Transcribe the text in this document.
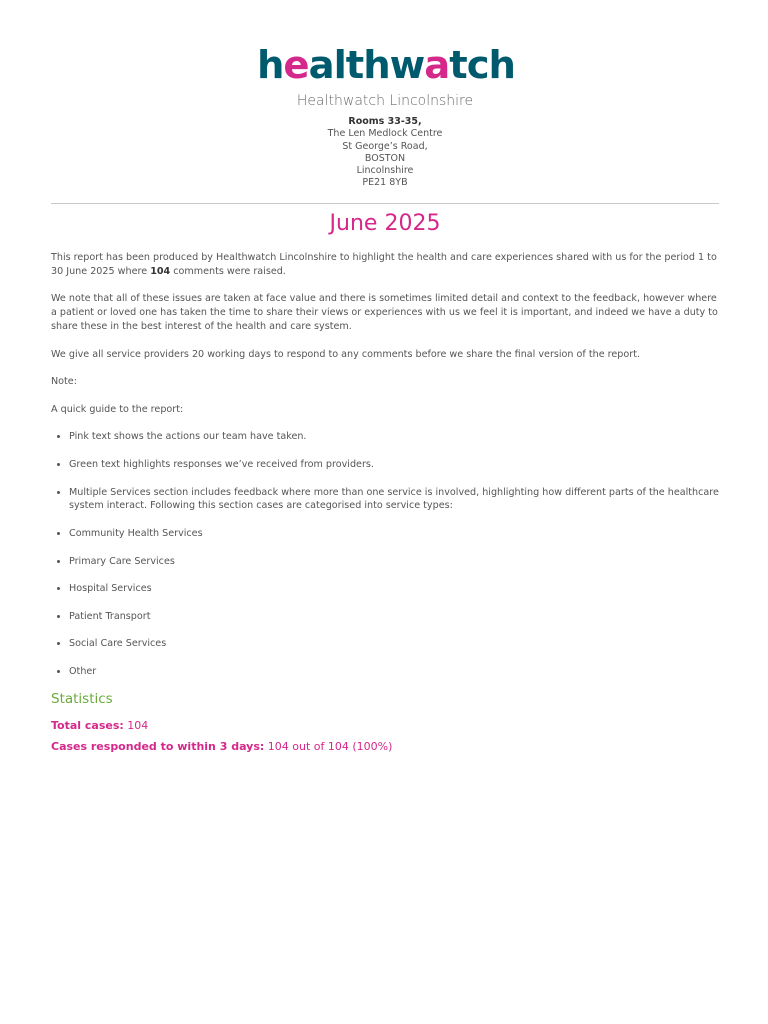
healthwatch
Healthwatch Lincolnshire
Rooms 33-35,
The Len Medlock Centre
St George’s Road,
BOSTON
Lincolnshire
PE21 8YB
June 2025

This report has been produced by Healthwatch Lincolnshire to highlight the health and care experiences shared with us for the period 1 to 30 June 2025 where 104 comments were raised.

We note that all of these issues are taken at face value and there is sometimes limited detail and context to the feedback, however where a patient or loved one has taken the time to share their views or experiences with us we feel it is important, and indeed we have a duty to share these in the best interest of the health and care system.

We give all service providers 20 working days to respond to any comments before we share the final version of the report.

Note:

A quick guide to the report:

• Pink text shows the actions our team have taken.
• Green text highlights responses we’ve received from providers.
• Multiple Services section includes feedback where more than one service is involved, highlighting how different parts of the healthcare system interact. Following this section cases are categorised into service types:
• Community Health Services
• Primary Care Services
• Hospital Services
• Patient Transport
• Social Care Services
• Other
Statistics
Total cases: 104
Cases responded to within 3 days: 104 out of 104 (100%)
